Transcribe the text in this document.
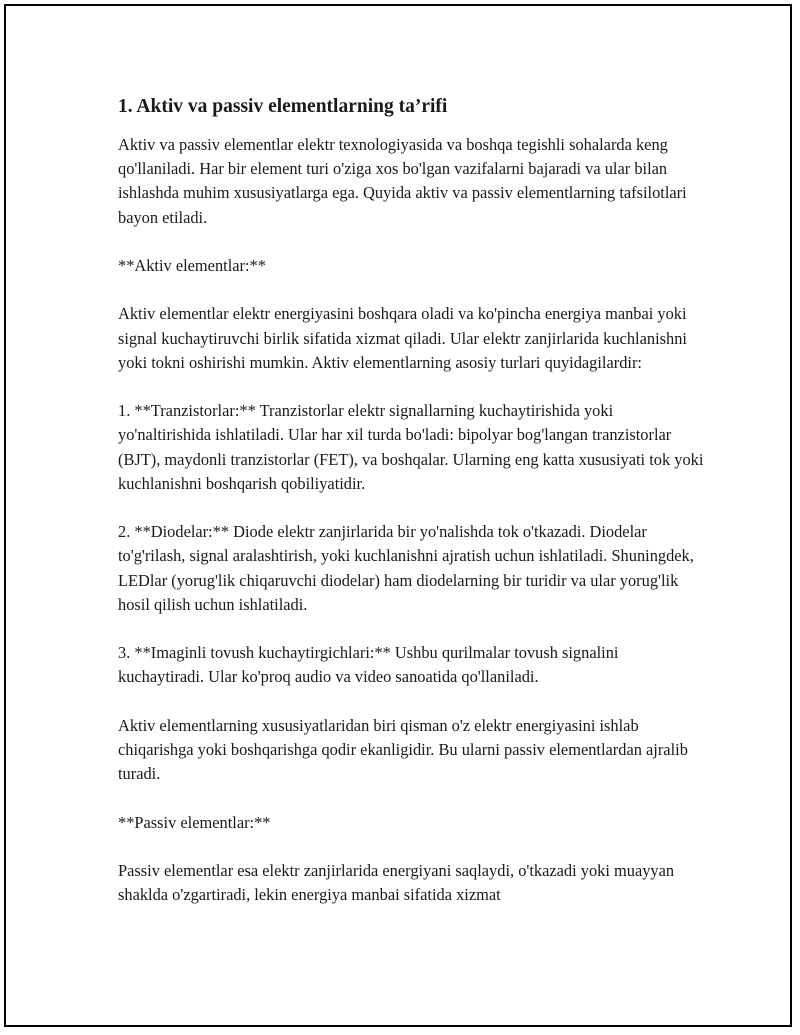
1. Aktiv va passiv elementlarning ta’rifi

Aktiv va passiv elementlar elektr texnologiyasida va boshqa tegishli sohalarda keng qo'llaniladi. Har bir element turi o'ziga xos bo'lgan vazifalarni bajaradi va ular bilan ishlashda muhim xususiyatlarga ega. Quyida aktiv va passiv elementlarning tafsilotlari bayon etiladi.

**Aktiv elementlar:**

Aktiv elementlar elektr energiyasini boshqara oladi va ko'pincha energiya manbai yoki signal kuchaytiruvchi birlik sifatida xizmat qiladi. Ular elektr zanjirlarida kuchlanishni yoki tokni oshirishi mumkin. Aktiv elementlarning asosiy turlari quyidagilardir:

1. **Tranzistorlar:** Tranzistorlar elektr signallarning kuchaytirishida yoki yo'naltirishida ishlatiladi. Ular har xil turda bo'ladi: bipolyar bog'langan tranzistorlar (BJT), maydonli tranzistorlar (FET), va boshqalar. Ularning eng katta xususiyati tok yoki kuchlanishni boshqarish qobiliyatidir.

2. **Diodelar:** Diode elektr zanjirlarida bir yo'nalishda tok o'tkazadi. Diodelar to'g'rilash, signal aralashtirish, yoki kuchlanishni ajratish uchun ishlatiladi. Shuningdek, LEDlar (yorug'lik chiqaruvchi diodelar) ham diodelarning bir turidir va ular yorug'lik hosil qilish uchun ishlatiladi.

3. **Imaginli tovush kuchaytirgichlari:** Ushbu qurilmalar tovush signalini kuchaytiradi. Ular ko'proq audio va video sanoatida qo'llaniladi.

Aktiv elementlarning xususiyatlaridan biri qisman o'z elektr energiyasini ishlab chiqarishga yoki boshqarishga qodir ekanligidir. Bu ularni passiv elementlardan ajralib turadi.

**Passiv elementlar:**

Passiv elementlar esa elektr zanjirlarida energiyani saqlaydi, o'tkazadi yoki muayyan shaklda o'zgartiradi, lekin energiya manbai sifatida xizmat
